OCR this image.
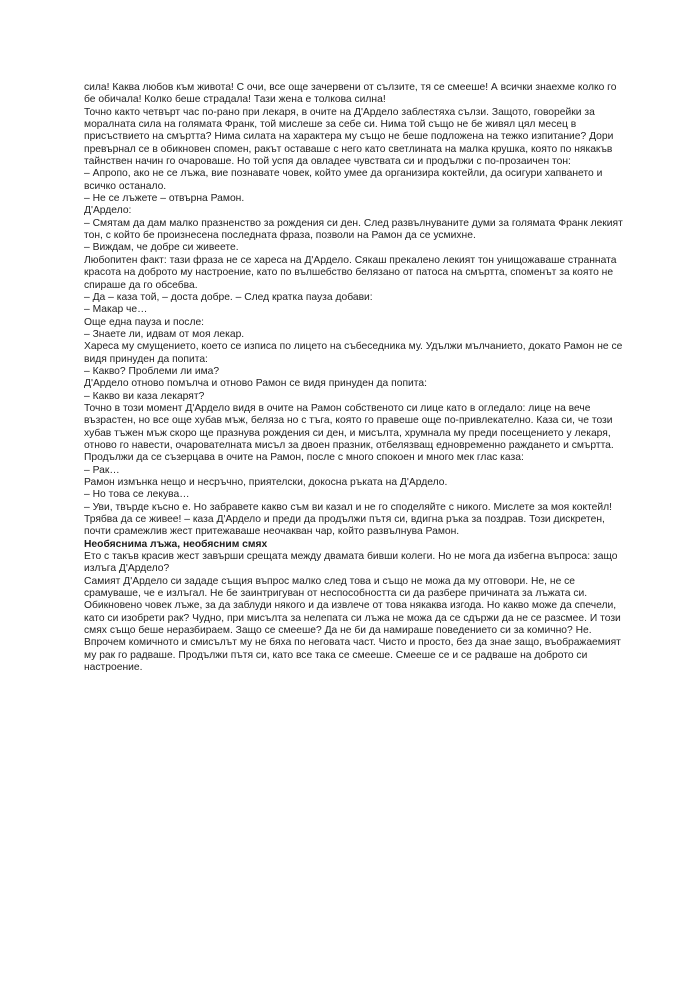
сила! Каква любов към живота! С очи, все още зачервени от сълзите, тя се смееше! А всички знаехме колко го бе обичала! Колко беше страдала! Тази жена е толкова силна!

Точно както четвърт час по-рано при лекаря, в очите на Д'Ардело заблестяха сълзи. Защото, говорейки за моралната сила на голямата Франк, той мислеше за себе си. Нима той също не бе живял цял месец в присъствието на смъртта? Нима силата на характера му също не беше подложена на тежко изпитание? Дори превърнал се в обикновен спомен, ракът оставаше с него като светлината на малка крушка, която по някакъв тайнствен начин го очароваше. Но той успя да овладее чувствата си и продължи с по-прозаичен тон:

– Апропо, ако не се лъжа, вие познавате човек, който умее да организира коктейли, да осигури хапването и всичко останало.

– Не се лъжете – отвърна Рамон.

Д'Ардело:

– Смятам да дам малко празненство за рождения си ден. След развълнуваните думи за голямата Франк лекият тон, с който бе произнесена последната фраза, позволи на Рамон да се усмихне.

– Виждам, че добре си живеете.

Любопитен факт: тази фраза не се хареса на Д'Ардело. Сякаш прекалено лекият тон унищожаваше странната красота на доброто му настроение, като по вълшебство белязано от патоса на смъртта, споменът за която не спираше да го обсебва.

– Да – каза той, – доста добре. – След кратка пауза добави:

– Макар че…

Още една пауза и после:

– Знаете ли, идвам от моя лекар.

Хареса му смущението, което се изписа по лицето на събеседника му. Удължи мълчанието, докато Рамон не се видя принуден да попита:

– Какво? Проблеми ли има?

Д'Ардело отново помълча и отново Рамон се видя принуден да попита:

– Какво ви каза лекарят?

Точно в този момент Д'Ардело видя в очите на Рамон собственото си лице като в огледало: лице на вече възрастен, но все още хубав мъж, беляза но с тъга, която го правеше още по-привлекателно. Каза си, че този хубав тъжен мъж скоро ще празнува рождения си ден, и мисълта, хрумнала му преди посещението у лекаря, отново го навести, очарователната мисъл за двоен празник, отбелязващ едновременно раждането и смъртта. Продължи да се съзерцава в очите на Рамон, после с много спокоен и много мек глас каза:

– Рак…

Рамон измънка нещо и несръчно, приятелски, докосна ръката на Д'Ардело.

– Но това се лекува…

– Уви, твърде късно е. Но забравете какво съм ви казал и не го споделяйте с никого. Мислете за моя коктейл! Трябва да се живее! – каза Д'Ардело и преди да продължи пътя си, вдигна ръка за поздрав. Този дискретен, почти срамежлив жест притежаваше неочакван чар, който развълнува Рамон.

Необяснима лъжа, необясним смях

Ето с такъв красив жест завърши срещата между двамата бивши колеги. Но не мога да избегна въпроса: защо излъга Д'Ардело?

Самият Д'Ардело си зададе същия въпрос малко след това и също не можа да му отговори. Не, не се срамуваше, че е излъгал. Не бе заинтригуван от неспособността си да разбере причината за лъжата си. Обикновено човек лъже, за да заблуди някого и да извлече от това някаква изгода. Но какво може да спечели, като си изобрети рак? Чудно, при мисълта за нелепата си лъжа не можа да се сдържи да не се разсмее. И този смях също беше неразбираем. Защо се смееше? Да не би да намираше поведението си за комично? Не. Впрочем комичното и смисълът му не бяха по неговата част. Чисто и просто, без да знае защо, въображаемият му рак го радваше. Продължи пътя си, като все така се смееше. Смееше се и се радваше на доброто си настроение.
